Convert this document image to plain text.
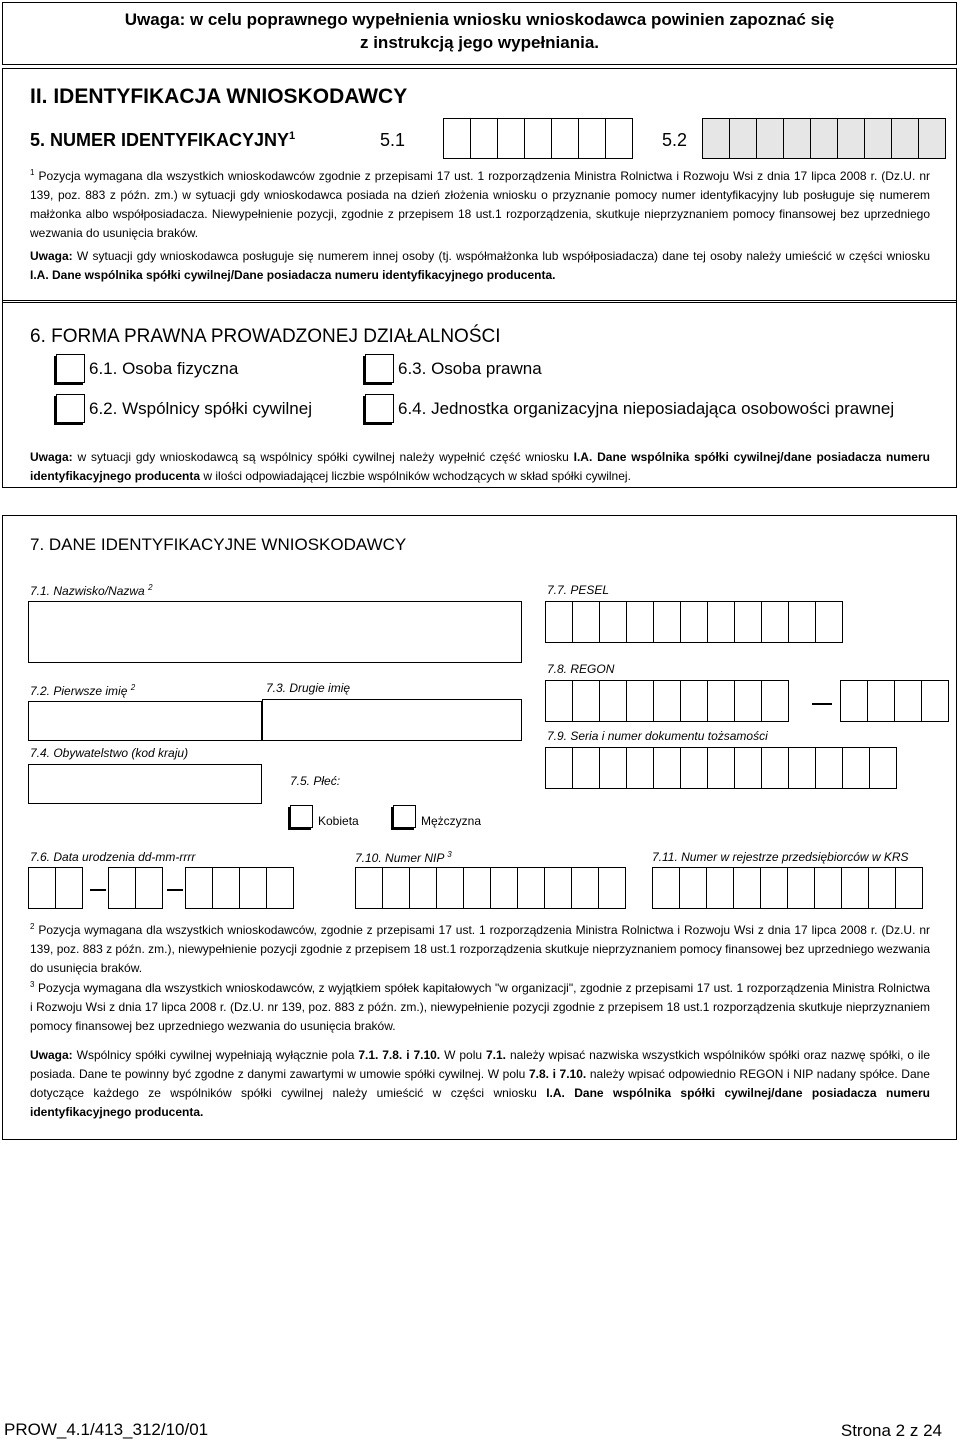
Uwaga: w celu poprawnego wypełnienia wniosku wnioskodawca powinien zapoznać się
z instrukcją jego wypełniania.
II. IDENTYFIKACJA WNIOSKODAWCY
5. NUMER IDENTYFIKACYJNY$^1$	5.1	5.2
$^1$ Pozycja wymagana dla wszystkich wnioskodawców zgodnie z przepisami 17 ust. 1 rozporządzenia Ministra Rolnictwa i Rozwoju Wsi z dnia 17 lipca 2008 r. (Dz.U. nr 139, poz. 883 z późn. zm.) w sytuacji gdy wnioskodawca posiada na dzień złożenia wniosku o przyznanie pomocy numer identyfikacyjny lub posługuje się numerem małżonka albo współposiadacza. Niewypełnienie pozycji, zgodnie z przepisem 18 ust.1 rozporządzenia, skutkuje nieprzyznaniem pomocy finansowej bez uprzedniego wezwania do usunięcia braków.
Uwaga: W sytuacji gdy wnioskodawca posługuje się numerem innej osoby (tj. współmałżonka lub współposiadacza) dane tej osoby należy umieścić w części wniosku I.A. Dane wspólnika spółki cywilnej/Dane posiadacza numeru identyfikacyjnego producenta.
6. FORMA PRAWNA PROWADZONEJ DZIAŁALNOŚCI
6.1. Osoba fizyczna	6.3. Osoba prawna
6.2. Wspólnicy spółki cywilnej	6.4. Jednostka organizacyjna nieposiadająca osobowości prawnej
Uwaga: w sytuacji gdy wnioskodawcą są wspólnicy spółki cywilnej należy wypełnić część wniosku I.A. Dane wspólnika spółki cywilnej/dane posiadacza numeru identyfikacyjnego producenta w ilości odpowiadającej liczbie wspólników wchodzących w skład spółki cywilnej.
7. DANE IDENTYFIKACYJNE WNIOSKODAWCY
7.1. Nazwisko/Nazwa $^2$	7.7. PESEL
7.8. REGON
7.2. Pierwsze imię $^2$	7.3. Drugie imię
7.4. Obywatelstwo (kod kraju)
7.9. Seria i numer dokumentu tożsamości
7.5. Płeć:
Kobieta	Mężczyzna
7.6. Data urodzenia dd-mm-rrrr	7.10. Numer NIP $^3$	7.11. Numer w rejestrze przedsiębiorców w KRS
$^2$ Pozycja wymagana dla wszystkich wnioskodawców, zgodnie z przepisami 17 ust. 1 rozporządzenia Ministra Rolnictwa i Rozwoju Wsi z dnia 17 lipca 2008 r. (Dz.U. nr 139, poz. 883 z późn. zm.), niewypełnienie pozycji zgodnie z przepisem 18 ust.1 rozporządzenia skutkuje nieprzyznaniem pomocy finansowej bez uprzedniego wezwania do usunięcia braków.
$^3$ Pozycja wymagana dla wszystkich wnioskodawców, z wyjątkiem spółek kapitałowych "w organizacji", zgodnie z przepisami 17 ust. 1 rozporządzenia Ministra Rolnictwa i Rozwoju Wsi z dnia 17 lipca 2008 r. (Dz.U. nr 139, poz. 883 z późn. zm.), niewypełnienie pozycji zgodnie z przepisem 18 ust.1 rozporządzenia skutkuje nieprzyznaniem pomocy finansowej bez uprzedniego wezwania do usunięcia braków.
Uwaga: Wspólnicy spółki cywilnej wypełniają wyłącznie pola 7.1. 7.8. i 7.10. W polu 7.1. należy wpisać nazwiska wszystkich wspólników spółki oraz nazwę spółki, o ile posiada. Dane te powinny być zgodne z danymi zawartymi w umowie spółki cywilnej. W polu 7.8. i 7.10. należy wpisać odpowiednio REGON i NIP nadany spółce. Dane dotyczące każdego ze wspólników spółki cywilnej należy umieścić w części wniosku I.A. Dane wspólnika spółki cywilnej/dane posiadacza numeru identyfikacyjnego producenta.
PROW_4.1/413_312/10/01	Strona 2 z 24
